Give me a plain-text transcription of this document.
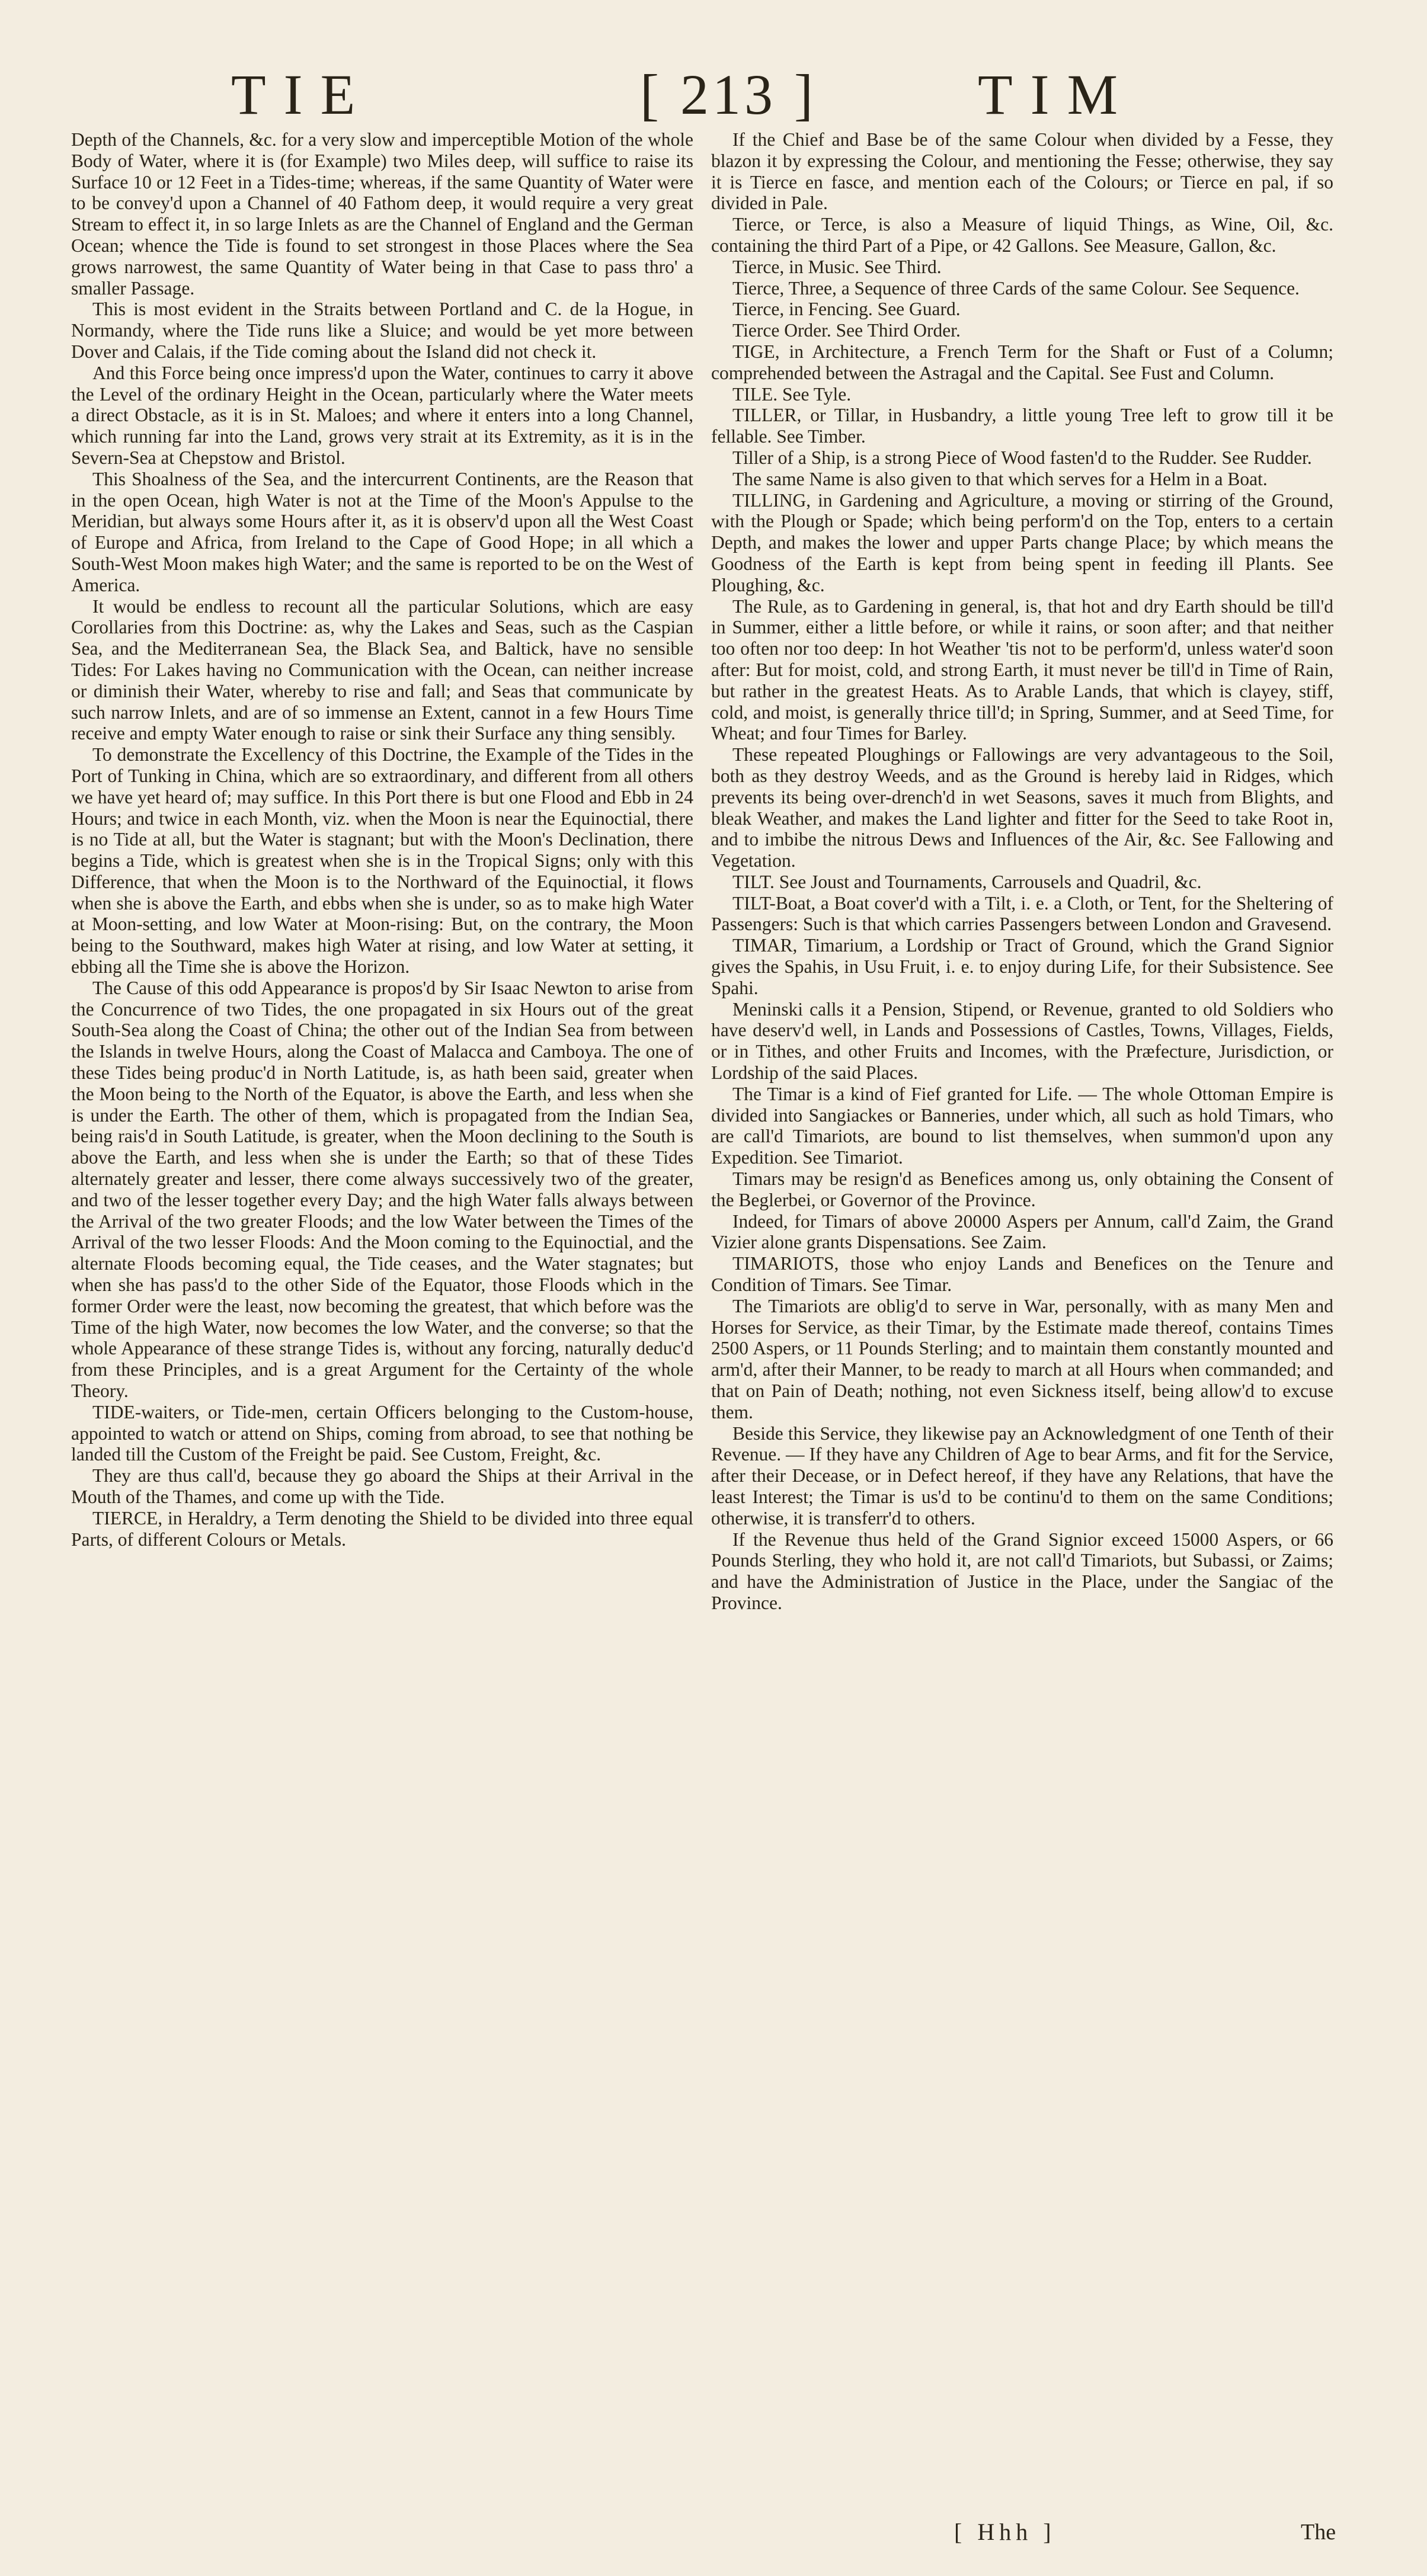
TIE	[ 213 ]	TIM

Depth of the Channels, &c. for a very slow and imperceptible Motion of the whole Body of Water, where it is (for Example) two Miles deep, will suffice to raise its Surface 10 or 12 Feet in a Tides-time; whereas, if the same Quantity of Water were to be convey'd upon a Channel of 40 Fathom deep, it would require a very great Stream to effect it, in so large Inlets as are the Channel of England and the German Ocean; whence the Tide is found to set strongest in those Places where the Sea grows narrowest, the same Quantity of Water being in that Case to pass thro' a smaller Passage.

This is most evident in the Straits between Portland and C. de la Hogue, in Normandy, where the Tide runs like a Sluice; and would be yet more between Dover and Calais, if the Tide coming about the Island did not check it.

And this Force being once impress'd upon the Water, continues to carry it above the Level of the ordinary Height in the Ocean, particularly where the Water meets a direct Obstacle, as it is in St. Maloes; and where it enters into a long Channel, which running far into the Land, grows very strait at its Extremity, as it is in the Severn-Sea at Chepstow and Bristol.

This Shoalness of the Sea, and the intercurrent Continents, are the Reason that in the open Ocean, high Water is not at the Time of the Moon's Appulse to the Meridian, but always some Hours after it, as it is observ'd upon all the West Coast of Europe and Africa, from Ireland to the Cape of Good Hope; in all which a South-West Moon makes high Water; and the same is reported to be on the West of America.

It would be endless to recount all the particular Solutions, which are easy Corollaries from this Doctrine: as, why the Lakes and Seas, such as the Caspian Sea, and the Mediterranean Sea, the Black Sea, and Baltick, have no sensible Tides: For Lakes having no Communication with the Ocean, can neither increase or diminish their Water, whereby to rise and fall; and Seas that communicate by such narrow Inlets, and are of so immense an Extent, cannot in a few Hours Time receive and empty Water enough to raise or sink their Surface any thing sensibly.

To demonstrate the Excellency of this Doctrine, the Example of the Tides in the Port of Tunking in China, which are so extraordinary, and different from all others we have yet heard of; may suffice. In this Port there is but one Flood and Ebb in 24 Hours; and twice in each Month, viz. when the Moon is near the Equinoctial, there is no Tide at all, but the Water is stagnant; but with the Moon's Declination, there begins a Tide, which is greatest when she is in the Tropical Signs; only with this Difference, that when the Moon is to the Northward of the Equinoctial, it flows when she is above the Earth, and ebbs when she is under, so as to make high Water at Moon-setting, and low Water at Moon-rising: But, on the contrary, the Moon being to the Southward, makes high Water at rising, and low Water at setting, it ebbing all the Time she is above the Horizon.

The Cause of this odd Appearance is propos'd by Sir Isaac Newton to arise from the Concurrence of two Tides, the one propagated in six Hours out of the great South-Sea along the Coast of China; the other out of the Indian Sea from between the Islands in twelve Hours, along the Coast of Malacca and Camboya. The one of these Tides being produc'd in North Latitude, is, as hath been said, greater when the Moon being to the North of the Equator, is above the Earth, and less when she is under the Earth. The other of them, which is propagated from the Indian Sea, being rais'd in South Latitude, is greater, when the Moon declining to the South is above the Earth, and less when she is under the Earth; so that of these Tides alternately greater and lesser, there come always successively two of the greater, and two of the lesser together every Day; and the high Water falls always between the Arrival of the two greater Floods; and the low Water between the Times of the Arrival of the two lesser Floods: And the Moon coming to the Equinoctial, and the alternate Floods becoming equal, the Tide ceases, and the Water stagnates; but when she has pass'd to the other Side of the Equator, those Floods which in the former Order were the least, now becoming the greatest, that which before was the Time of the high Water, now becomes the low Water, and the converse; so that the whole Appearance of these strange Tides is, without any forcing, naturally deduc'd from these Principles, and is a great Argument for the Certainty of the whole Theory.

TIDE-waiters, or Tide-men, certain Officers belonging to the Custom-house, appointed to watch or attend on Ships, coming from abroad, to see that nothing be landed till the Custom of the Freight be paid. See Custom, Freight, &c.

They are thus call'd, because they go aboard the Ships at their Arrival in the Mouth of the Thames, and come up with the Tide.

TIERCE, in Heraldry, a Term denoting the Shield to be divided into three equal Parts, of different Colours or Metals.

If the Chief and Base be of the same Colour when divided by a Fesse, they blazon it by expressing the Colour, and mentioning the Fesse; otherwise, they say it is Tierce en fasce, and mention each of the Colours; or Tierce en pal, if so divided in Pale.

Tierce, or Terce, is also a Measure of liquid Things, as Wine, Oil, &c. containing the third Part of a Pipe, or 42 Gallons. See Measure, Gallon, &c.

Tierce, in Music. See Third.

Tierce, Three, a Sequence of three Cards of the same Colour. See Sequence.

Tierce, in Fencing. See Guard.

Tierce Order. See Third Order.

TIGE, in Architecture, a French Term for the Shaft or Fust of a Column; comprehended between the Astragal and the Capital. See Fust and Column.

TILE. See Tyle.

TILLER, or Tillar, in Husbandry, a little young Tree left to grow till it be fellable. See Timber.

Tiller of a Ship, is a strong Piece of Wood fasten'd to the Rudder. See Rudder.

The same Name is also given to that which serves for a Helm in a Boat.

TILLING, in Gardening and Agriculture, a moving or stirring of the Ground, with the Plough or Spade; which being perform'd on the Top, enters to a certain Depth, and makes the lower and upper Parts change Place; by which means the Goodness of the Earth is kept from being spent in feeding ill Plants. See Ploughing, &c.

The Rule, as to Gardening in general, is, that hot and dry Earth should be till'd in Summer, either a little before, or while it rains, or soon after; and that neither too often nor too deep: In hot Weather 'tis not to be perform'd, unless water'd soon after: But for moist, cold, and strong Earth, it must never be till'd in Time of Rain, but rather in the greatest Heats. As to Arable Lands, that which is clayey, stiff, cold, and moist, is generally thrice till'd; in Spring, Summer, and at Seed Time, for Wheat; and four Times for Barley.

These repeated Ploughings or Fallowings are very advantageous to the Soil, both as they destroy Weeds, and as the Ground is hereby laid in Ridges, which prevents its being over-drench'd in wet Seasons, saves it much from Blights, and bleak Weather, and makes the Land lighter and fitter for the Seed to take Root in, and to imbibe the nitrous Dews and Influences of the Air, &c. See Fallowing and Vegetation.

TILT. See Joust and Tournaments, Carrousels and Quadril, &c.

TILT-Boat, a Boat cover'd with a Tilt, i. e. a Cloth, or Tent, for the Sheltering of Passengers: Such is that which carries Passengers between London and Gravesend.

TIMAR, Timarium, a Lordship or Tract of Ground, which the Grand Signior gives the Spahis, in Usu Fruit, i. e. to enjoy during Life, for their Subsistence. See Spahi.

Meninski calls it a Pension, Stipend, or Revenue, granted to old Soldiers who have deserv'd well, in Lands and Possessions of Castles, Towns, Villages, Fields, or in Tithes, and other Fruits and Incomes, with the Præfecture, Jurisdiction, or Lordship of the said Places.

The Timar is a kind of Fief granted for Life. — The whole Ottoman Empire is divided into Sangiackes or Banneries, under which, all such as hold Timars, who are call'd Timariots, are bound to list themselves, when summon'd upon any Expedition. See Timariot.

Timars may be resign'd as Benefices among us, only obtaining the Consent of the Beglerbei, or Governor of the Province.

Indeed, for Timars of above 20000 Aspers per Annum, call'd Zaim, the Grand Vizier alone grants Dispensations. See Zaim.

TIMARIOTS, those who enjoy Lands and Benefices on the Tenure and Condition of Timars. See Timar.

The Timariots are oblig'd to serve in War, personally, with as many Men and Horses for Service, as their Timar, by the Estimate made thereof, contains Times 2500 Aspers, or 11 Pounds Sterling; and to maintain them constantly mounted and arm'd, after their Manner, to be ready to march at all Hours when commanded; and that on Pain of Death; nothing, not even Sickness itself, being allow'd to excuse them.

Beside this Service, they likewise pay an Acknowledgment of one Tenth of their Revenue. — If they have any Children of Age to bear Arms, and fit for the Service, after their Decease, or in Defect hereof, if they have any Relations, that have the least Interest; the Timar is us'd to be continu'd to them on the same Conditions; otherwise, it is transferr'd to others.

If the Revenue thus held of the Grand Signior exceed 15000 Aspers, or 66 Pounds Sterling, they who hold it, are not call'd Timariots, but Subassi, or Zaims; and have the Administration of Justice in the Place, under the Sangiac of the Province.

[ Hhh ]	The
